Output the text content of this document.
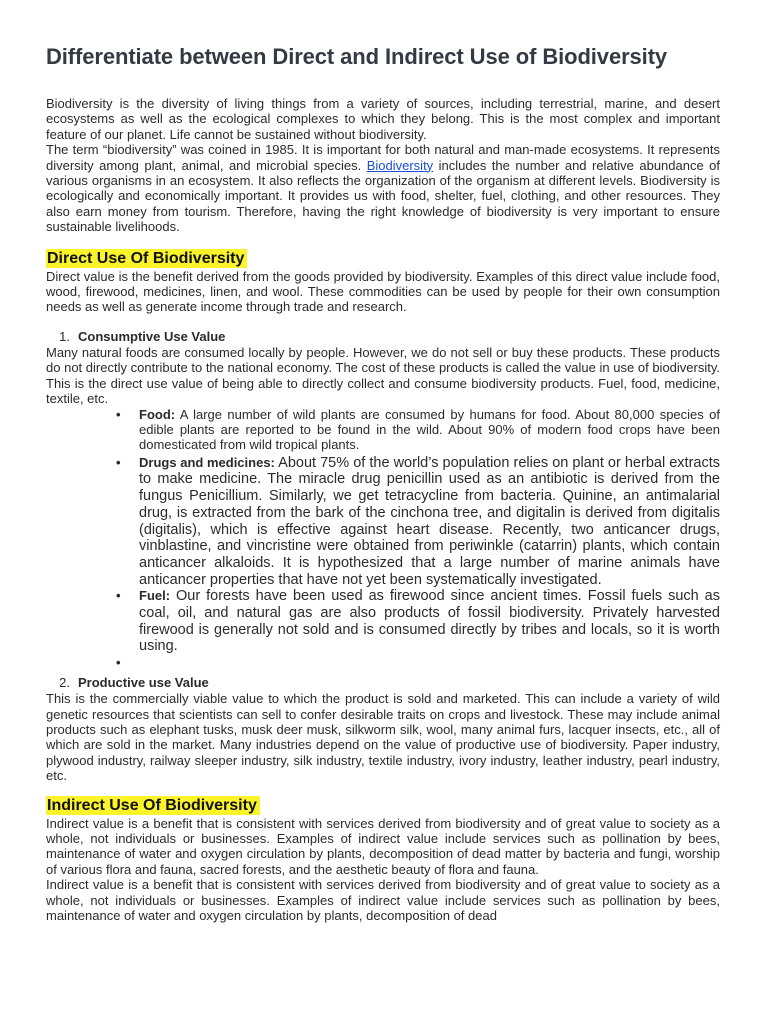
Differentiate between Direct and Indirect Use of Biodiversity

Biodiversity is the diversity of living things from a variety of sources, including terrestrial, marine, and desert ecosystems as well as the ecological complexes to which they belong. This is the most complex and important feature of our planet. Life cannot be sustained without biodiversity.

The term “biodiversity” was coined in 1985. It is important for both natural and man-made ecosystems. It represents diversity among plant, animal, and microbial species. Biodiversity includes the number and relative abundance of various organisms in an ecosystem. It also reflects the organization of the organism at different levels. Biodiversity is ecologically and economically important. It provides us with food, shelter, fuel, clothing, and other resources. They also earn money from tourism. Therefore, having the right knowledge of biodiversity is very important to ensure sustainable livelihoods.

Direct Use Of Biodiversity

Direct value is the benefit derived from the goods provided by biodiversity. Examples of this direct value include food, wood, firewood, medicines, linen, and wool. These commodities can be used by people for their own consumption needs as well as generate income through trade and research.

1. Consumptive Use Value

Many natural foods are consumed locally by people. However, we do not sell or buy these products. These products do not directly contribute to the national economy. The cost of these products is called the value in use of biodiversity. This is the direct use value of being able to directly collect and consume biodiversity products. Fuel, food, medicine, textile, etc.

• Food: A large number of wild plants are consumed by humans for food. About 80,000 species of edible plants are reported to be found in the wild. About 90% of modern food crops have been domesticated from wild tropical plants.
• Drugs and medicines: About 75% of the world’s population relies on plant or herbal extracts to make medicine. The miracle drug penicillin used as an antibiotic is derived from the fungus Penicillium. Similarly, we get tetracycline from bacteria. Quinine, an antimalarial drug, is extracted from the bark of the cinchona tree, and digitalin is derived from digitalis (digitalis), which is effective against heart disease. Recently, two anticancer drugs, vinblastine, and vincristine were obtained from periwinkle (catarrin) plants, which contain anticancer alkaloids. It is hypothesized that a large number of marine animals have anticancer properties that have not yet been systematically investigated.
• Fuel: Our forests have been used as firewood since ancient times. Fossil fuels such as coal, oil, and natural gas are also products of fossil biodiversity. Privately harvested firewood is generally not sold and is consumed directly by tribes and locals, so it is worth using.
•
2. Productive use Value

This is the commercially viable value to which the product is sold and marketed. This can include a variety of wild genetic resources that scientists can sell to confer desirable traits on crops and livestock. These may include animal products such as elephant tusks, musk deer musk, silkworm silk, wool, many animal furs, lacquer insects, etc., all of which are sold in the market. Many industries depend on the value of productive use of biodiversity. Paper industry, plywood industry, railway sleeper industry, silk industry, textile industry, ivory industry, leather industry, pearl industry, etc.

Indirect Use Of Biodiversity

Indirect value is a benefit that is consistent with services derived from biodiversity and of great value to society as a whole, not individuals or businesses. Examples of indirect value include services such as pollination by bees, maintenance of water and oxygen circulation by plants, decomposition of dead matter by bacteria and fungi, worship of various flora and fauna, sacred forests, and the aesthetic beauty of flora and fauna.

Indirect value is a benefit that is consistent with services derived from biodiversity and of great value to society as a whole, not individuals or businesses. Examples of indirect value include services such as pollination by bees, maintenance of water and oxygen circulation by plants, decomposition of dead
